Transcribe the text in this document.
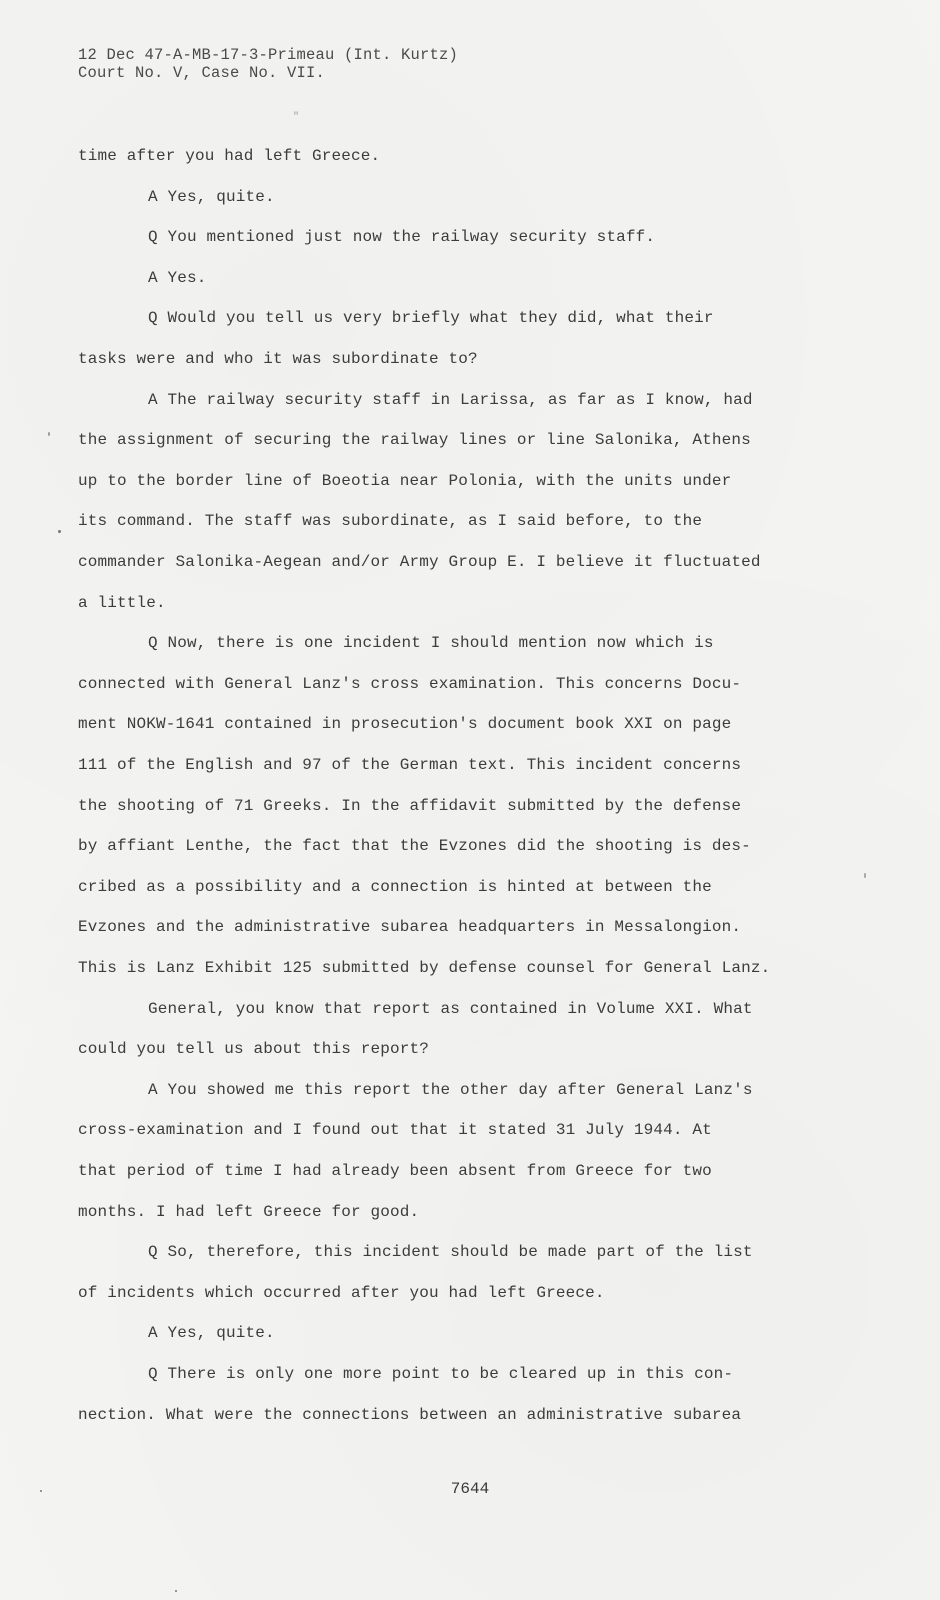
12 Dec 47-A-MB-17-3-Primeau (Int. Kurtz)
Court No. V, Case No. VII.
"
time after you had left Greece.
A Yes, quite.
Q You mentioned just now the railway security staff.
A Yes.
Q Would you tell us very briefly what they did, what their
tasks were and who it was subordinate to?
A The railway security staff in Larissa, as far as I know, had
the assignment of securing the railway lines or line Salonika, Athens
up to the border line of Boeotia near Polonia, with the units under
its command. The staff was subordinate, as I said before, to the
commander Salonika-Aegean and/or Army Group E. I believe it fluctuated
a little.
Q Now, there is one incident I should mention now which is
connected with General Lanz's cross examination. This concerns Docu-
ment NOKW-1641 contained in prosecution's document book XXI on page
111 of the English and 97 of the German text. This incident concerns
the shooting of 71 Greeks. In the affidavit submitted by the defense
by affiant Lenthe, the fact that the Evzones did the shooting is des-
cribed as a possibility and a connection is hinted at between the
Evzones and the administrative subarea headquarters in Messalongion.
This is Lanz Exhibit 125 submitted by defense counsel for General Lanz.
General, you know that report as contained in Volume XXI. What
could you tell us about this report?
A You showed me this report the other day after General Lanz's
cross-examination and I found out that it stated 31 July 1944. At
that period of time I had already been absent from Greece for two
months. I had left Greece for good.
Q So, therefore, this incident should be made part of the list
of incidents which occurred after you had left Greece.
A Yes, quite.
Q There is only one more point to be cleared up in this con-
nection. What were the connections between an administrative subarea
7644
